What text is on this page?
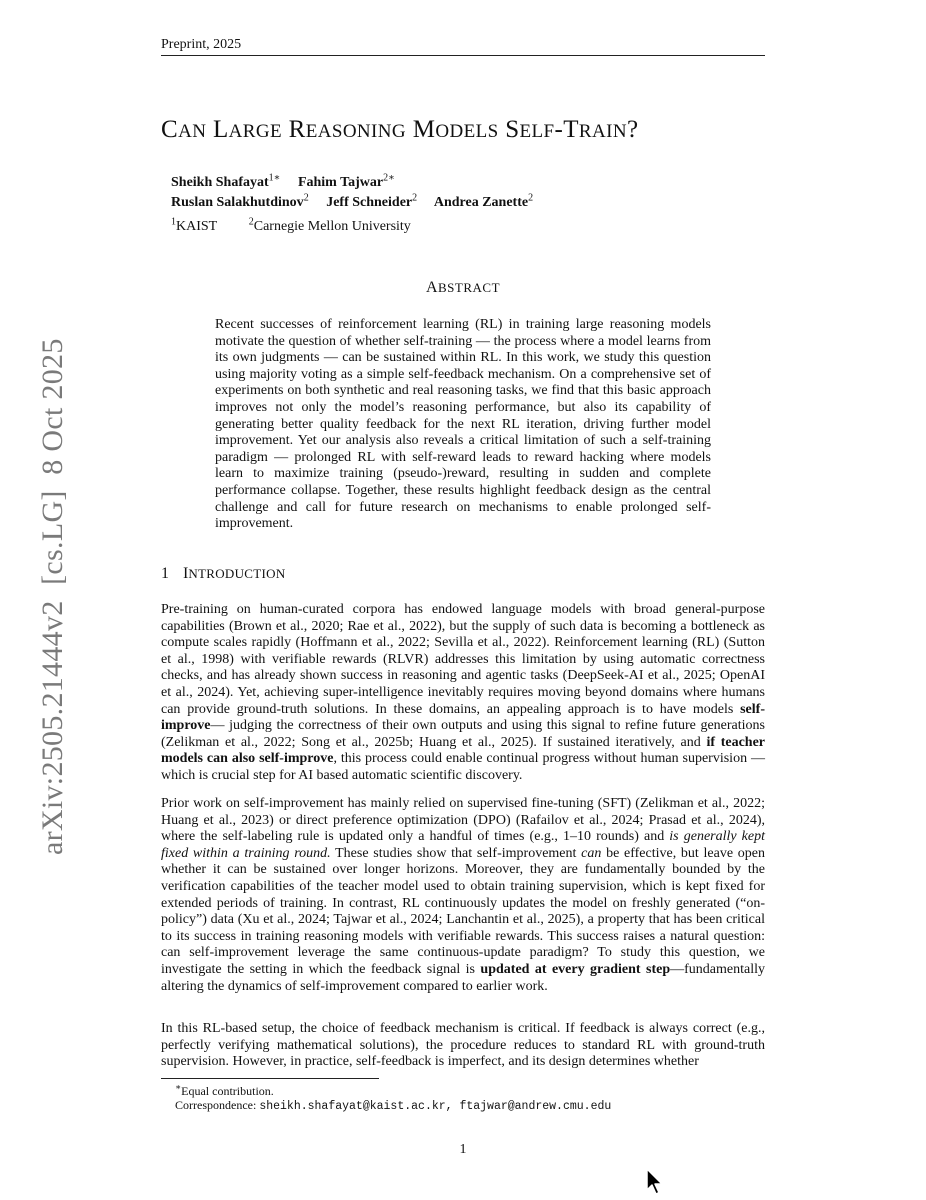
Preprint, 2025
arXiv:2505.21444v2  [cs.LG]  8 Oct 2025
CAN LARGE REASONING MODELS SELF-TRAIN?
Sheikh Shafayat$^{1∗}$ Fahim Tajwar$^{2∗}$
Ruslan Salakhutdinov$^2$ Jeff Schneider$^2$ Andrea Zanette$^2$
$^1$KAIST	$^2$Carnegie Mellon University
ABSTRACT

Recent successes of reinforcement learning (RL) in training large reasoning models motivate the question of whether self-training — the process where a model learns from its own judgments — can be sustained within RL. In this work, we study this question using majority voting as a simple self-feedback mechanism. On a comprehensive set of experiments on both synthetic and real reasoning tasks, we find that this basic approach improves not only the model’s reasoning performance, but also its capability of generating better quality feedback for the next RL iteration, driving further model improvement. Yet our analysis also reveals a critical limitation of such a self-training paradigm — prolonged RL with self-reward leads to reward hacking where models learn to maximize training (pseudo-)reward, resulting in sudden and complete performance collapse. Together, these results highlight feedback design as the central challenge and call for future research on mechanisms to enable prolonged self-improvement.

1 INTRODUCTION

Pre-training on human-curated corpora has endowed language models with broad general-purpose capabilities (Brown et al., 2020; Rae et al., 2022), but the supply of such data is becoming a bottleneck as compute scales rapidly (Hoffmann et al., 2022; Sevilla et al., 2022). Reinforcement learning (RL) (Sutton et al., 1998) with verifiable rewards (RLVR) addresses this limitation by using automatic correctness checks, and has already shown success in reasoning and agentic tasks (DeepSeek-AI et al., 2025; OpenAI et al., 2024). Yet, achieving super-intelligence inevitably requires moving beyond domains where humans can provide ground-truth solutions. In these domains, an appealing approach is to have models self-improve— judging the correctness of their own outputs and using this signal to refine future generations (Zelikman et al., 2022; Song et al., 2025b; Huang et al., 2025). If sustained iteratively, and if teacher models can also self-improve, this process could enable continual progress without human supervision — which is crucial step for AI based automatic scientific discovery.

Prior work on self-improvement has mainly relied on supervised fine-tuning (SFT) (Zelikman et al., 2022; Huang et al., 2023) or direct preference optimization (DPO) (Rafailov et al., 2024; Prasad et al., 2024), where the self-labeling rule is updated only a handful of times (e.g., 1–10 rounds) and is generally kept fixed within a training round. These studies show that self-improvement can be effective, but leave open whether it can be sustained over longer horizons. Moreover, they are fundamentally bounded by the verification capabilities of the teacher model used to obtain training supervision, which is kept fixed for extended periods of training. In contrast, RL continuously updates the model on freshly generated (“on-policy”) data (Xu et al., 2024; Tajwar et al., 2024; Lanchantin et al., 2025), a property that has been critical to its success in training reasoning models with verifiable rewards. This success raises a natural question: can self-improvement leverage the same continuous-update paradigm? To study this question, we investigate the setting in which the feedback signal is updated at every gradient step—fundamentally altering the dynamics of self-improvement compared to earlier work.

In this RL-based setup, the choice of feedback mechanism is critical. If feedback is always correct (e.g., perfectly verifying mathematical solutions), the procedure reduces to standard RL with ground-truth supervision. However, in practice, self-feedback is imperfect, and its design determines whether

∗Equal contribution.
Correspondence: sheikh.shafayat@kaist.ac.kr, ftajwar@andrew.cmu.edu
1
